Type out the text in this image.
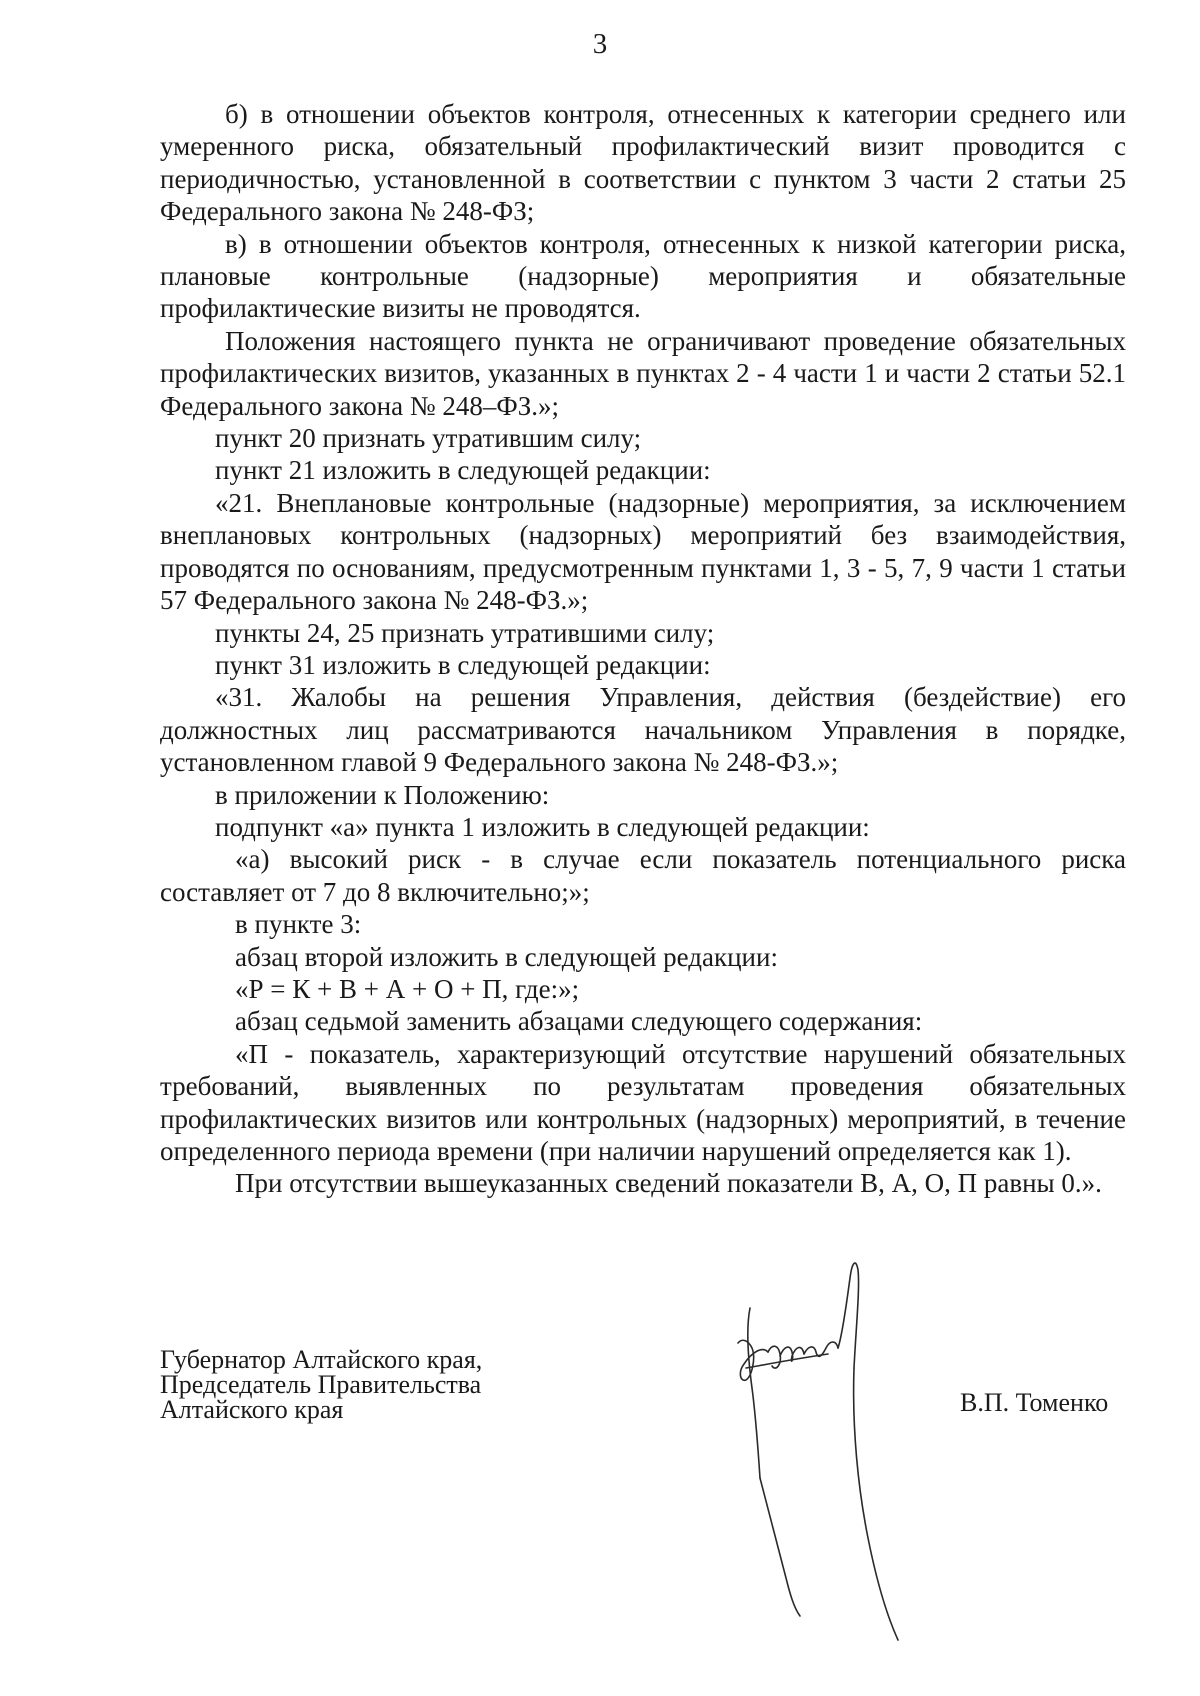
3

б) в отношении объектов контроля, отнесенных к категории среднего или умеренного риска, обязательный профилактический визит проводится с периодичностью, установленной в соответствии с пунктом 3 части 2 статьи 25 Федерального закона № 248-ФЗ;

в) в отношении объектов контроля, отнесенных к низкой категории риска, плановые контрольные (надзорные) мероприятия и обязательные профилактические визиты не проводятся.

Положения настоящего пункта не ограничивают проведение обязательных профилактических визитов, указанных в пунктах 2 - 4 части 1 и части 2 статьи 52.1 Федерального закона № 248–ФЗ.»;

пункт 20 признать утратившим силу;

пункт 21 изложить в следующей редакции:

«21. Внеплановые контрольные (надзорные) мероприятия, за исключением внеплановых контрольных (надзорных) мероприятий без взаимодействия, проводятся по основаниям, предусмотренным пунктами 1, 3 - 5, 7, 9 части 1 статьи 57 Федерального закона № 248-ФЗ.»;

пункты 24, 25 признать утратившими силу;

пункт 31 изложить в следующей редакции:

«31. Жалобы на решения Управления, действия (бездействие) его должностных лиц рассматриваются начальником Управления в порядке, установленном главой 9 Федерального закона № 248-ФЗ.»;

в приложении к Положению:

подпункт «а» пункта 1 изложить в следующей редакции:

«а) высокий риск - в случае если показатель потенциального риска составляет от 7 до 8 включительно;»;

в пункте 3:

абзац второй изложить в следующей редакции:

«Р = К + В + А + О + П, где:»;

абзац седьмой заменить абзацами следующего содержания:

«П - показатель, характеризующий отсутствие нарушений обязательных требований, выявленных по результатам проведения обязательных профилактических визитов или контрольных (надзорных) мероприятий, в течение определенного периода времени (при наличии нарушений определяется как 1).

При отсутствии вышеуказанных сведений показатели В, А, О, П равны 0.».

Губернатор Алтайского края,
Председатель Правительства
Алтайского края	В.П. Томенко
